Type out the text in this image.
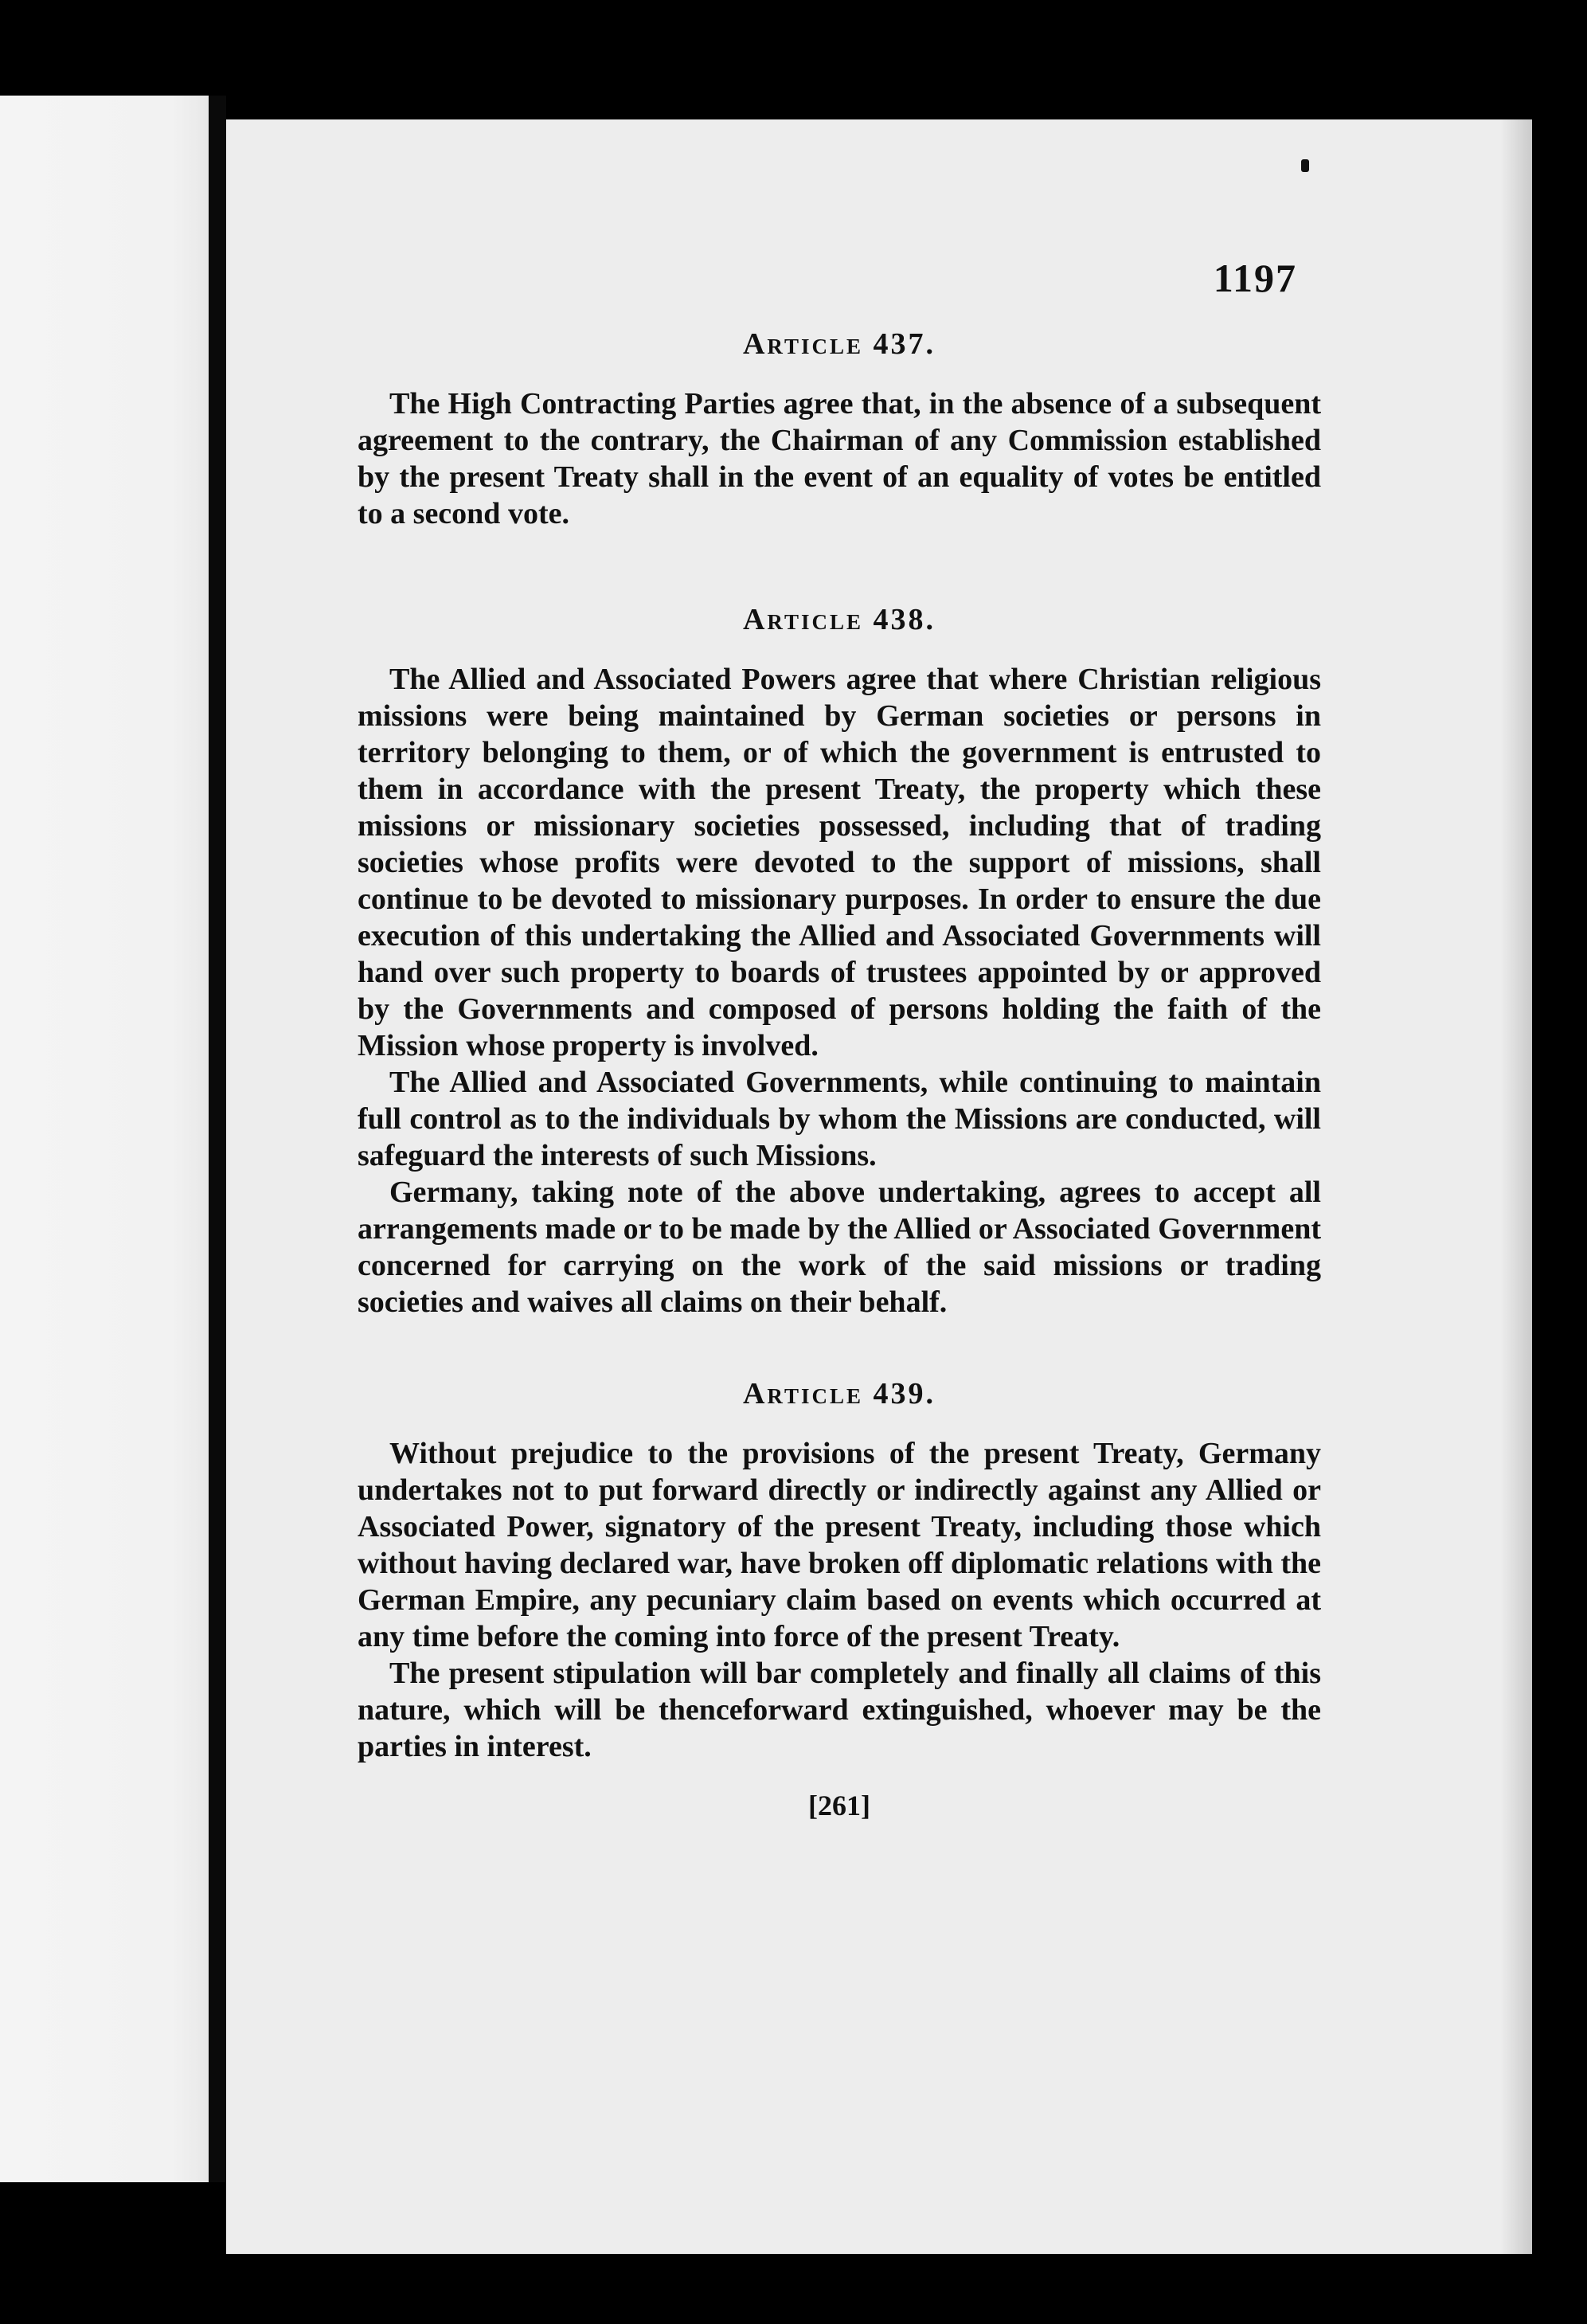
1197
Article 437.

The High Contracting Parties agree that, in the absence of a subsequent agreement to the contrary, the Chairman of any Commission established by the present Treaty shall in the event of an equality of votes be entitled to a second vote.

Article 438.

The Allied and Associated Powers agree that where Christian religious missions were being maintained by German societies or persons in territory belonging to them, or of which the government is entrusted to them in accordance with the present Treaty, the property which these missions or missionary societies possessed, including that of trading societies whose profits were devoted to the support of missions, shall continue to be devoted to missionary purposes. In order to ensure the due execution of this undertaking the Allied and Associated Governments will hand over such property to boards of trustees appointed by or approved by the Governments and composed of persons holding the faith of the Mission whose property is involved.

The Allied and Associated Governments, while continuing to maintain full control as to the individuals by whom the Missions are conducted, will safeguard the interests of such Missions.

Germany, taking note of the above undertaking, agrees to accept all arrangements made or to be made by the Allied or Associated Government concerned for carrying on the work of the said missions or trading societies and waives all claims on their behalf.

Article 439.

Without prejudice to the provisions of the present Treaty, Germany undertakes not to put forward directly or indirectly against any Allied or Associated Power, signatory of the present Treaty, including those which without having declared war, have broken off diplomatic relations with the German Empire, any pecuniary claim based on events which occurred at any time before the coming into force of the present Treaty.

The present stipulation will bar completely and finally all claims of this nature, which will be thenceforward extinguished, whoever may be the parties in interest.

[261]
